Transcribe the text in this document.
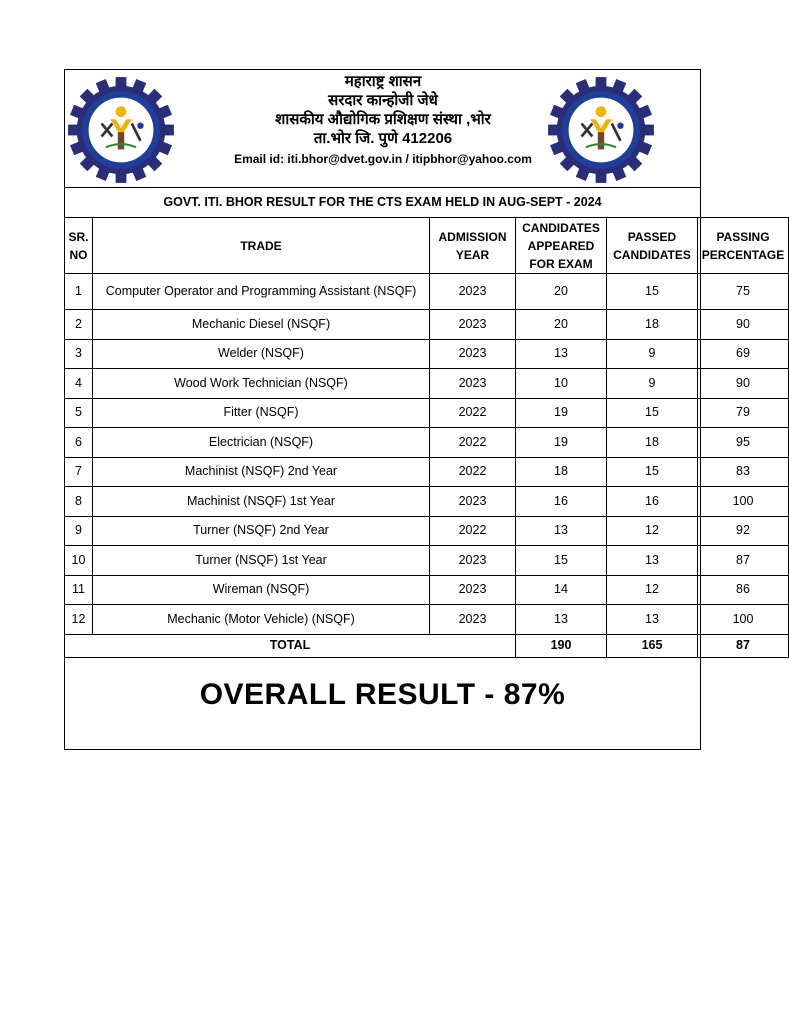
महाराष्ट्र शासन
सरदार कान्होजी जेधे
शासकीय औद्योगिक प्रशिक्षण संस्था ,भोर
ता.भोर जि. पुणे 412206
Email id: iti.bhor@dvet.gov.in / itipbhor@yahoo.com
GOVT. ITI. BHOR RESULT FOR THE CTS EXAM HELD IN AUG-SEPT - 2024
SR. NO	TRADE	ADMISSION YEAR	CANDIDATES APPEARED FOR EXAM	PASSED CANDIDATES	PASSING PERCENTAGE
1	Computer Operator and Programming Assistant (NSQF)	2023	20	15	75
2	Mechanic Diesel (NSQF)	2023	20	18	90
3	Welder (NSQF)	2023	13	9	69
4	Wood Work Technician (NSQF)	2023	10	9	90
5	Fitter (NSQF)	2022	19	15	79
6	Electrician (NSQF)	2022	19	18	95
7	Machinist (NSQF) 2nd Year	2022	18	15	83
8	Machinist (NSQF) 1st Year	2023	16	16	100
9	Turner (NSQF) 2nd Year	2022	13	12	92
10	Turner (NSQF) 1st Year	2023	15	13	87
11	Wireman (NSQF)	2023	14	12	86
12	Mechanic (Motor Vehicle) (NSQF)	2023	13	13	100
TOTAL			190	165	87
OVERALL RESULT - 87%
